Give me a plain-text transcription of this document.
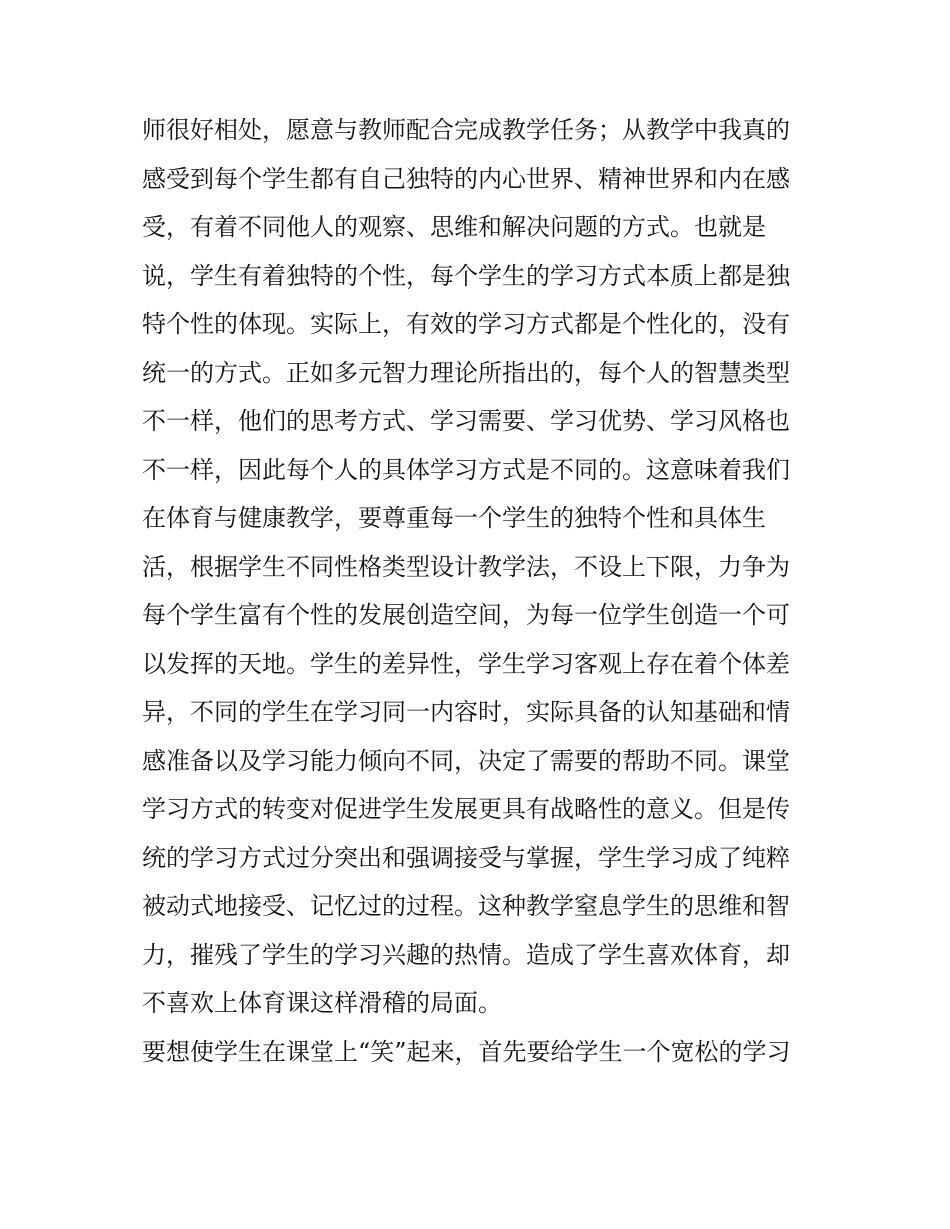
师很好相处，愿意与教师配合完成教学任务；从教学中我真的
感受到每个学生都有自己独特的内心世界、精神世界和内在感
受，有着不同他人的观察、思维和解决问题的方式。也就是
说，学生有着独特的个性，每个学生的学习方式本质上都是独
特个性的体现。实际上，有效的学习方式都是个性化的，没有
统一的方式。正如多元智力理论所指出的，每个人的智慧类型
不一样，他们的思考方式、学习需要、学习优势、学习风格也
不一样，因此每个人的具体学习方式是不同的。这意味着我们
在体育与健康教学，要尊重每一个学生的独特个性和具体生
活，根据学生不同性格类型设计教学法，不设上下限，力争为
每个学生富有个性的发展创造空间，为每一位学生创造一个可
以发挥的天地。学生的差异性，学生学习客观上存在着个体差
异，不同的学生在学习同一内容时，实际具备的认知基础和情
感准备以及学习能力倾向不同，决定了需要的帮助不同。课堂
学习方式的转变对促进学生发展更具有战略性的意义。但是传
统的学习方式过分突出和强调接受与掌握，学生学习成了纯粹
被动式地接受、记忆过的过程。这种教学窒息学生的思维和智
力，摧残了学生的学习兴趣的热情。造成了学生喜欢体育，却
不喜欢上体育课这样滑稽的局面。
要想使学生在课堂上“笑”起来，首先要给学生一个宽松的学习
